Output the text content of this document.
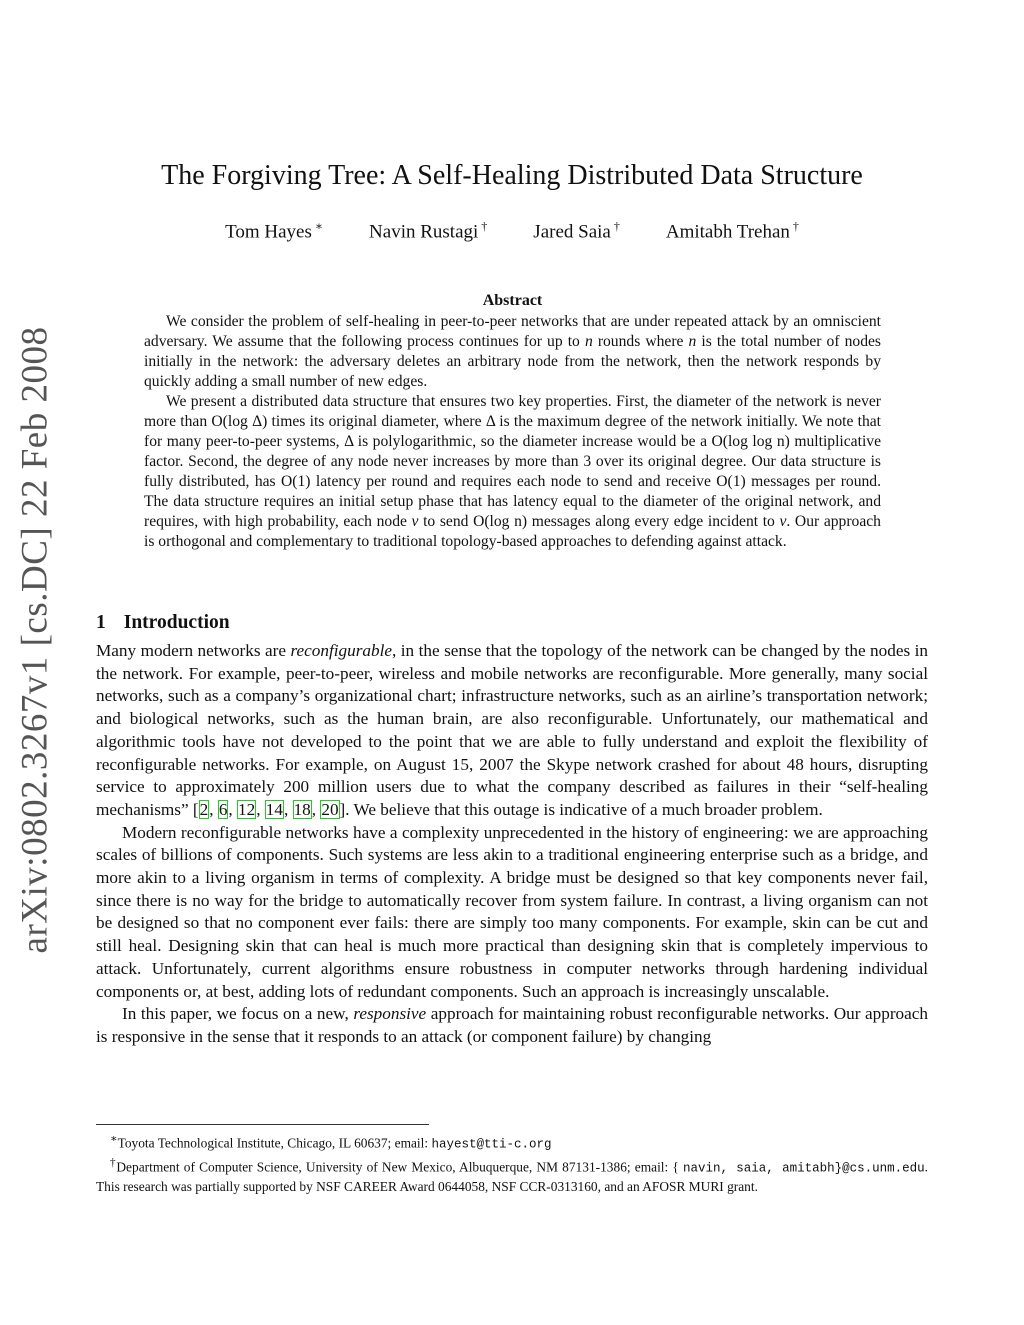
arXiv:0802.3267v1 [cs.DC] 22 Feb 2008
The Forgiving Tree: A Self-Healing Distributed Data Structure
Tom Hayes ∗ Navin Rustagi † Jared Saia † Amitabh Trehan †
Abstract

We consider the problem of self-healing in peer-to-peer networks that are under repeated attack by an omniscient adversary. We assume that the following process continues for up to n rounds where n is the total number of nodes initially in the network: the adversary deletes an arbitrary node from the network, then the network responds by quickly adding a small number of new edges.

We present a distributed data structure that ensures two key properties. First, the diameter of the network is never more than O(log Δ) times its original diameter, where Δ is the maximum degree of the network initially. We note that for many peer-to-peer systems, Δ is polylogarithmic, so the diameter increase would be a O(log log n) multiplicative factor. Second, the degree of any node never increases by more than 3 over its original degree. Our data structure is fully distributed, has O(1) latency per round and requires each node to send and receive O(1) messages per round. The data structure requires an initial setup phase that has latency equal to the diameter of the original network, and requires, with high probability, each node v to send O(log n) messages along every edge incident to v. Our approach is orthogonal and complementary to traditional topology-based approaches to defending against attack.

1 Introduction

Many modern networks are reconfigurable, in the sense that the topology of the network can be changed by the nodes in the network. For example, peer-to-peer, wireless and mobile networks are reconfigurable. More generally, many social networks, such as a company’s organizational chart; infrastructure networks, such as an airline’s transportation network; and biological networks, such as the human brain, are also reconfigurable. Unfortunately, our mathematical and algorithmic tools have not developed to the point that we are able to fully understand and exploit the flexibility of reconfigurable networks. For example, on August 15, 2007 the Skype network crashed for about 48 hours, disrupting service to approximately 200 million users due to what the company described as failures in their “self-healing mechanisms” [2, 6, 12, 14, 18, 20]. We believe that this outage is indicative of a much broader problem.

Modern reconfigurable networks have a complexity unprecedented in the history of engineering: we are approaching scales of billions of components. Such systems are less akin to a traditional engineering enterprise such as a bridge, and more akin to a living organism in terms of complexity. A bridge must be designed so that key components never fail, since there is no way for the bridge to automatically recover from system failure. In contrast, a living organism can not be designed so that no component ever fails: there are simply too many components. For example, skin can be cut and still heal. Designing skin that can heal is much more practical than designing skin that is completely impervious to attack. Unfortunately, current algorithms ensure robustness in computer networks through hardening individual components or, at best, adding lots of redundant components. Such an approach is increasingly unscalable.

In this paper, we focus on a new, responsive approach for maintaining robust reconfigurable networks. Our approach is responsive in the sense that it responds to an attack (or component failure) by changing

∗Toyota Technological Institute, Chicago, IL 60637; email: hayest@tti-c.org

†Department of Computer Science, University of New Mexico, Albuquerque, NM 87131-1386; email: { navin, saia, amitabh}@cs.unm.edu. This research was partially supported by NSF CAREER Award 0644058, NSF CCR-0313160, and an AFOSR MURI grant.
